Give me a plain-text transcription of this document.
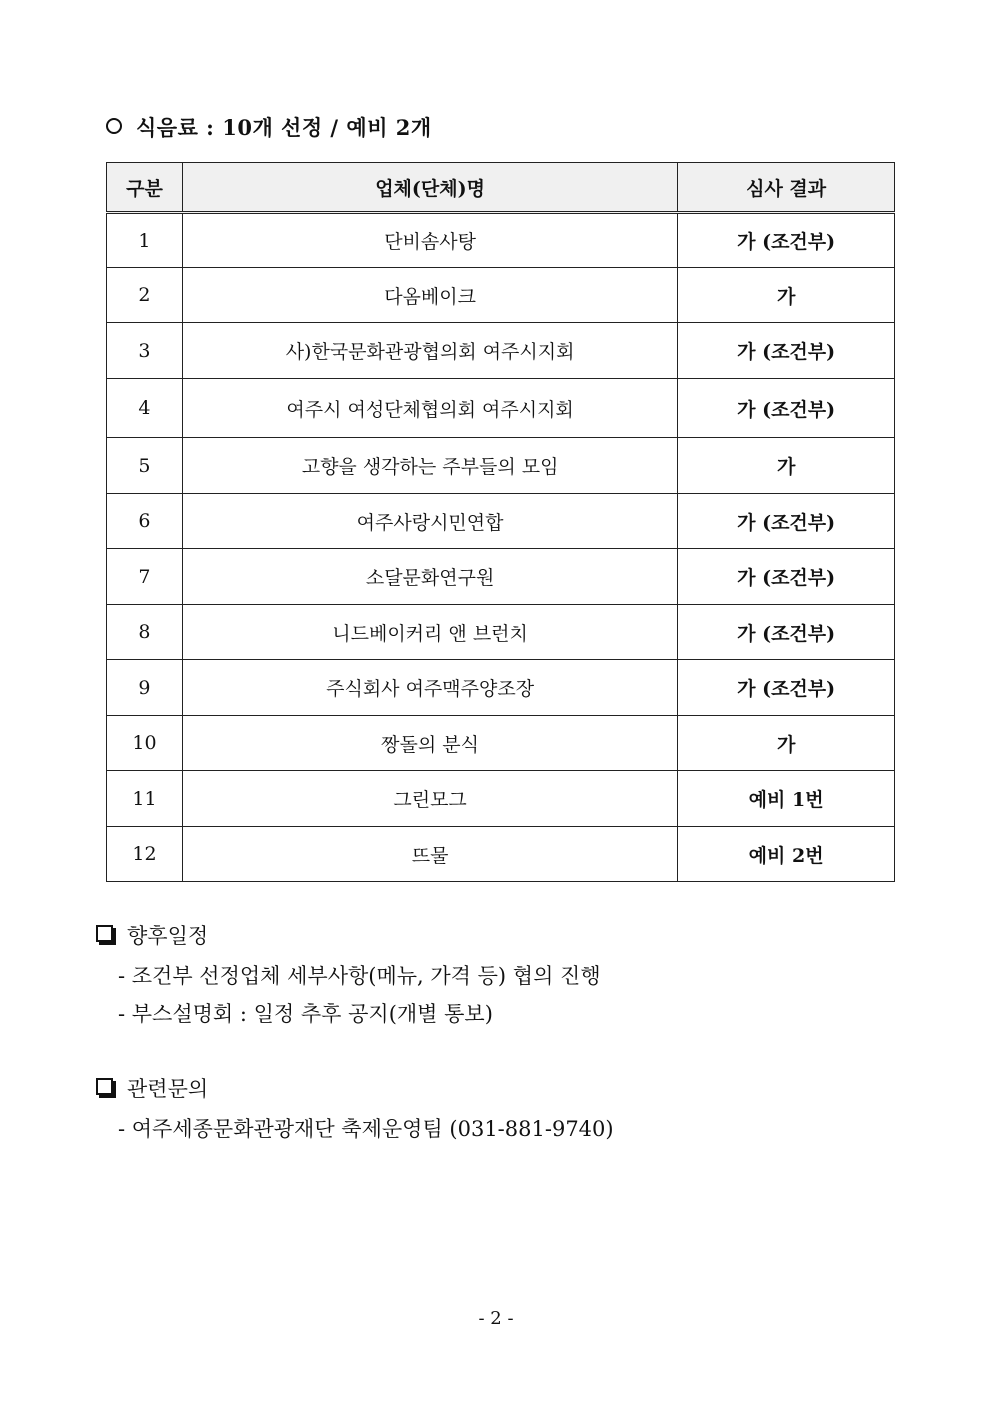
식음료 : 10개 선정 / 예비 2개
구분	업체(단체)명	심사 결과
1	단비솜사탕	가 (조건부)
2	다옴베이크	가
3	사)한국문화관광협의회 여주시지회	가 (조건부)
4	여주시 여성단체협의회 여주시지회	가 (조건부)
5	고향을 생각하는 주부들의 모임	가
6	여주사랑시민연합	가 (조건부)
7	소달문화연구원	가 (조건부)
8	니드베이커리 앤 브런치	가 (조건부)
9	주식회사 여주맥주양조장	가 (조건부)
10	짱돌의 분식	가
11	그린모그	예비 1번
12	뜨물	예비 2번
향후일정
- 조건부 선정업체 세부사항(메뉴, 가격 등) 협의 진행
- 부스설명회 : 일정 추후 공지(개별 통보)
관련문의
- 여주세종문화관광재단 축제운영팀 (031-881-9740)
- 2 -
